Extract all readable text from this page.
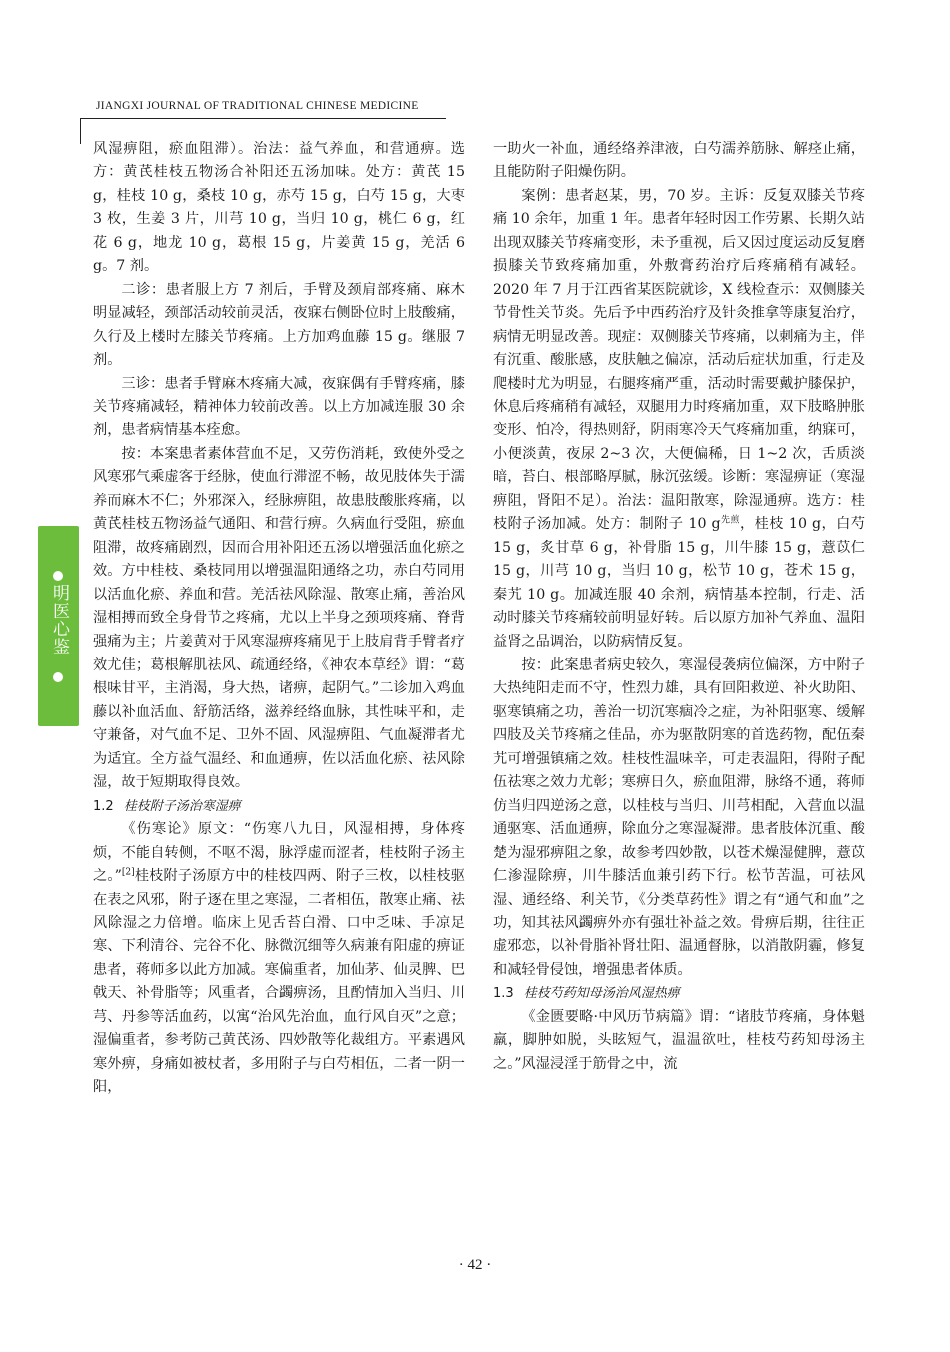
JIANGXI JOURNAL OF TRADITIONAL CHINESE MEDICINE
明医心鉴

风湿痹阻，瘀血阻滞）。治法：益气养血，和营通痹。选方：黄芪桂枝五物汤合补阳还五汤加味。处方：黄芪 15 g，桂枝 10 g，桑枝 10 g，赤芍 15 g，白芍 15 g，大枣 3 枚，生姜 3 片，川芎 10 g，当归 10 g，桃仁 6 g，红花 6 g，地龙 10 g，葛根 15 g，片姜黄 15 g，羌活 6 g。7 剂。

二诊：患者服上方 7 剂后，手臂及颈肩部疼痛、麻木明显减轻，颈部活动较前灵活，夜寐右侧卧位时上肢酸痛，久行及上楼时左膝关节疼痛。上方加鸡血藤 15 g。继服 7 剂。

三诊：患者手臂麻木疼痛大减，夜寐偶有手臂疼痛，膝关节疼痛减轻，精神体力较前改善。以上方加减连服 30 余剂，患者病情基本痊愈。

按：本案患者素体营血不足，又劳伤消耗，致使外受之风寒邪气乘虚客于经脉，使血行滞涩不畅，故见肢体失于濡养而麻木不仁；外邪深入，经脉痹阻，故患肢酸胀疼痛，以黄芪桂枝五物汤益气通阳、和营行痹。久病血行受阻，瘀血阻滞，故疼痛剧烈，因而合用补阳还五汤以增强活血化瘀之效。方中桂枝、桑枝同用以增强温阳通络之功，赤白芍同用以活血化瘀、养血和营。羌活祛风除湿、散寒止痛，善治风湿相搏而致全身骨节之疼痛，尤以上半身之颈项疼痛、脊背强痛为主；片姜黄对于风寒湿痹疼痛见于上肢肩背手臂者疗效尤佳；葛根解肌祛风、疏通经络，《神农本草经》谓：“葛根味甘平，主消渴，身大热，诸痹，起阴气。”二诊加入鸡血藤以补血活血、舒筋活络，滋养经络血脉，其性味平和，走守兼备，对气血不足、卫外不固、风湿痹阻、气血凝滞者尤为适宜。全方益气温经、和血通痹，佐以活血化瘀、祛风除湿，故于短期取得良效。

1.2 桂枝附子汤治寒湿痹

《伤寒论》原文：“伤寒八九日，风湿相搏，身体疼烦，不能自转侧，不呕不渴，脉浮虚而涩者，桂枝附子汤主之。”[2]桂枝附子汤原方中的桂枝四两、附子三枚，以桂枝驱在表之风邪，附子逐在里之寒湿，二者相伍，散寒止痛、祛风除湿之力倍增。临床上见舌苔白滑、口中乏味、手凉足寒、下利清谷、完谷不化、脉微沉细等久病兼有阳虚的痹证患者，蒋师多以此方加减。寒偏重者，加仙茅、仙灵脾、巴戟天、补骨脂等；风重者，合蠲痹汤，且酌情加入当归、川芎、丹参等活血药，以寓“治风先治血，血行风自灭”之意；湿偏重者，参考防己黄芪汤、四妙散等化裁组方。平素遇风寒外痹，身痛如被杖者，多用附子与白芍相伍，二者一阴一阳，

一助火一补血，通经络养津液，白芍濡养筋脉、解痉止痛，且能防附子阳燥伤阴。

案例：患者赵某，男，70 岁。主诉：反复双膝关节疼痛 10 余年，加重 1 年。患者年轻时因工作劳累、长期久站出现双膝关节疼痛变形，未予重视，后又因过度运动反复磨损膝关节致疼痛加重，外敷膏药治疗后疼痛稍有减轻。2020 年 7 月于江西省某医院就诊，X 线检查示：双侧膝关节骨性关节炎。先后予中西药治疗及针灸推拿等康复治疗，病情无明显改善。现症：双侧膝关节疼痛，以刺痛为主，伴有沉重、酸胀感，皮肤触之偏凉，活动后症状加重，行走及爬楼时尤为明显，右腿疼痛严重，活动时需要戴护膝保护，休息后疼痛稍有减轻，双腿用力时疼痛加重，双下肢略肿胀变形、怕冷，得热则舒，阴雨寒冷天气疼痛加重，纳寐可，小便淡黄，夜尿 2~3 次，大便偏稀，日 1~2 次，舌质淡暗，苔白、根部略厚腻，脉沉弦缓。诊断：寒湿痹证（寒湿痹阻，肾阳不足）。治法：温阳散寒，除湿通痹。选方：桂枝附子汤加减。处方：制附子 10 g$^{先煎}$，桂枝 10 g，白芍 15 g，炙甘草 6 g，补骨脂 15 g，川牛膝 15 g，薏苡仁 15 g，川芎 10 g，当归 10 g，松节 10 g，苍术 15 g，秦艽 10 g。加减连服 40 余剂，病情基本控制，行走、活动时膝关节疼痛较前明显好转。后以原方加补气养血、温阳益肾之品调治，以防病情反复。

按：此案患者病史较久，寒湿侵袭病位偏深，方中附子大热纯阳走而不守，性烈力雄，具有回阳救逆、补火助阳、驱寒镇痛之功，善治一切沉寒痼冷之症，为补阳驱寒、缓解四肢及关节疼痛之佳品，亦为驱散阴寒的首选药物，配伍秦艽可增强镇痛之效。桂枝性温味辛，可走表温阳，得附子配伍祛寒之效力尤彰；寒痹日久，瘀血阻滞，脉络不通，蒋师仿当归四逆汤之意，以桂枝与当归、川芎相配，入营血以温通驱寒、活血通痹，除血分之寒湿凝滞。患者肢体沉重、酸楚为湿邪痹阻之象，故参考四妙散，以苍术燥湿健脾，薏苡仁渗湿除痹，川牛膝活血兼引药下行。松节苦温，可祛风湿、通经络、利关节，《分类草药性》谓之有“通气和血”之功，知其祛风蠲痹外亦有强壮补益之效。骨痹后期，往往正虚邪恋，以补骨脂补肾壮阳、温通督脉，以消散阴霾，修复和减轻骨侵蚀，增强患者体质。

1.3 桂枝芍药知母汤治风湿热痹

《金匮要略·中风历节病篇》谓：“诸肢节疼痛，身体魁羸，脚肿如脱，头眩短气，温温欲吐，桂枝芍药知母汤主之。”风湿浸淫于筋骨之中，流

· 42 ·
